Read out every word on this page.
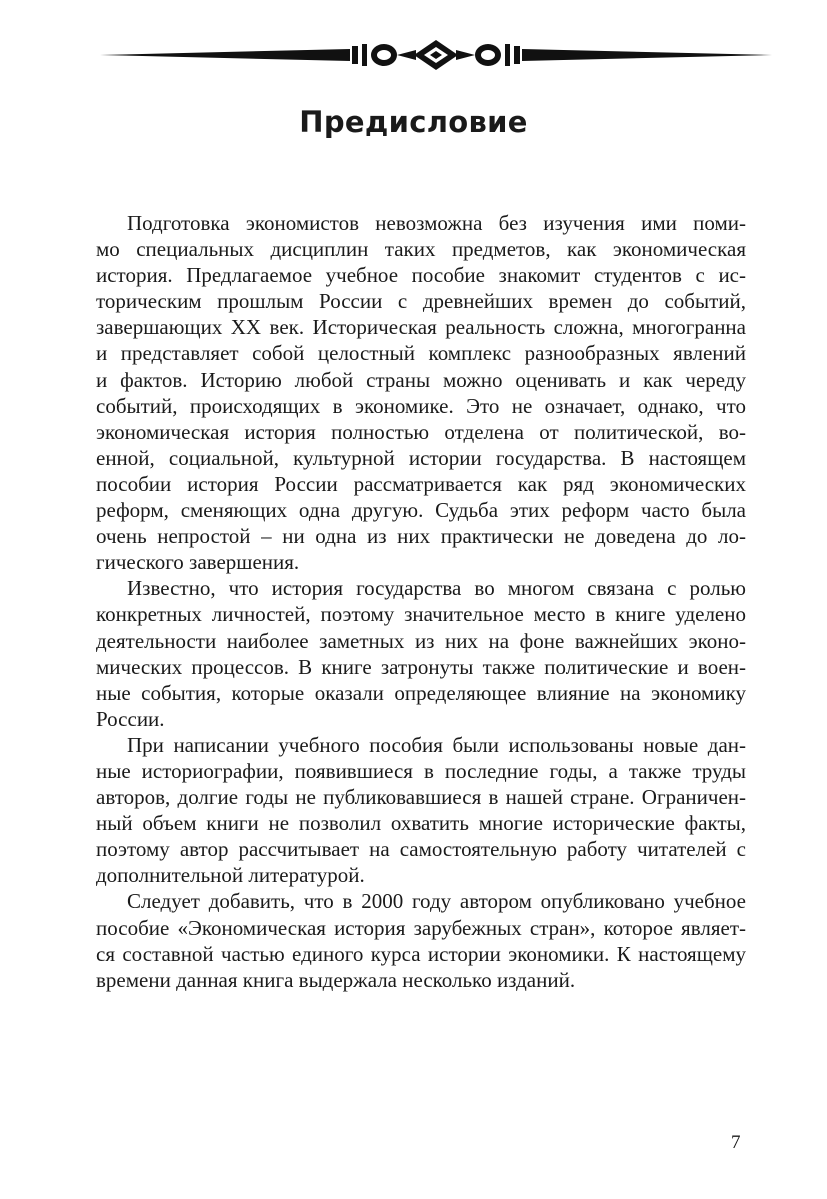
Предисловие
Подготовка экономистов невозможна без изучения ими поми-
мо специальных дисциплин таких предметов, как экономическая
история. Предлагаемое учебное пособие знакомит студентов с ис-
торическим прошлым России с древнейших времен до событий,
завершающих XX век. Историческая реальность сложна, многогранна
и представляет собой целостный комплекс разнообразных явлений
и фактов. Историю любой страны можно оценивать и как череду
событий, происходящих в экономике. Это не означает, однако, что
экономическая история полностью отделена от политической, во-
енной, социальной, культурной истории государства. В настоящем
пособии история России рассматривается как ряд экономических
реформ, сменяющих одна другую. Судьба этих реформ часто была
очень непростой – ни одна из них практически не доведена до ло-
гического завершения.
Известно, что история государства во многом связана с ролью
конкретных личностей, поэтому значительное место в книге уделено
деятельности наиболее заметных из них на фоне важнейших эконо-
мических процессов. В книге затронуты также политические и воен-
ные события, которые оказали определяющее влияние на экономику
России.
При написании учебного пособия были использованы новые дан-
ные историографии, появившиеся в последние годы, а также труды
авторов, долгие годы не публиковавшиеся в нашей стране. Ограничен-
ный объем книги не позволил охватить многие исторические факты,
поэтому автор рассчитывает на самостоятельную работу читателей с
дополнительной литературой.
Следует добавить, что в 2000 году автором опубликовано учебное
пособие «Экономическая история зарубежных стран», которое являет-
ся составной частью единого курса истории экономики. К настоящему
времени данная книга выдержала несколько изданий.
7
